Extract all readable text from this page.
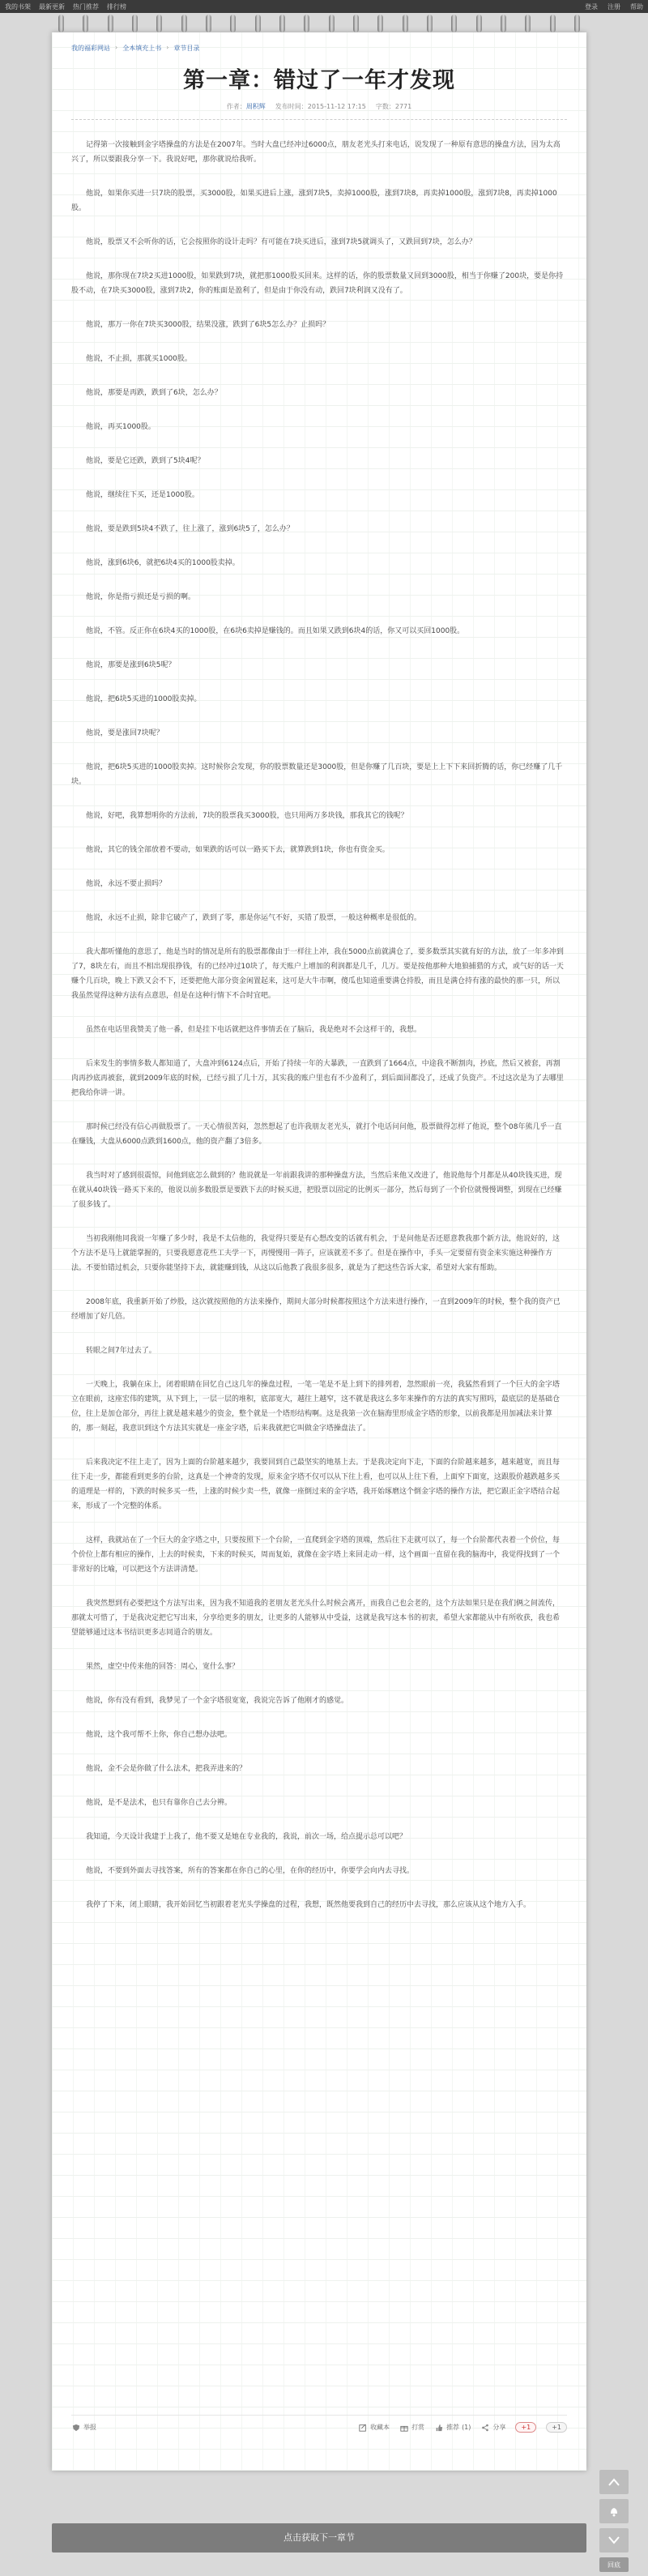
我的书架 最新更新 热门推荐 排行榜	登录 注册 帮助
我的福彩网站 › 全本填充上书 › 章节目录
第一章：错过了一年才发现
作者：周积辉 发布时间：2015-11-12 17:15 字数：2771

记得第一次接触到金字塔操盘的方法是在2007年。当时大盘已经冲过6000点，朋友老光头打来电话，说发现了一种原有意思的操盘方法，因为太高兴了，所以要跟我分享一下。我说好吧，那你就说给我听。

他说，如果你买进一只7块的股票，买3000股，如果买进后上涨，涨到7块5，卖掉1000股，涨到7块8，再卖掉1000股，涨到7块8，再卖掉1000股。

他说，股票又不会听你的话，它会按照你的设计走吗？有可能在7块买进后，涨到7块5就调头了，又跌回到7块，怎么办？

他说，那你现在7块2买进1000股，如果跌到7块，就把那1000股买回来。这样的话，你的股票数量又回到3000股，相当于你赚了200块，要是你持股不动，在7块买3000股，涨到7块2，你的账面是盈利了，但是由于你没有动，跌回7块利润又没有了。

他说，那万一你在7块买3000股，结果没涨，跌到了6块5怎么办？止损吗？

他说，不止损，那就买1000股。

他说，那要是再跌，跌到了6块，怎么办？

他说，再买1000股。

他说，要是它还跌，跌到了5块4呢？

他说，继续往下买，还是1000股。

他说，要是跌到5块4不跌了，往上涨了，涨到6块5了，怎么办？

他说，涨到6块6，就把6块4买的1000股卖掉。

他说，你是指亏损还是亏损的啊。

他说，不管。反正你在6块4买的1000股，在6块6卖掉是赚钱的。而且如果又跌到6块4的话，你又可以买回1000股。

他说，那要是涨到6块5呢？

他说，把6块5买进的1000股卖掉。

他说，要是涨回7块呢？

他说，把6块5买进的1000股卖掉。这时候你会发现，你的股票数量还是3000股，但是你赚了几百块，要是上上下下来回折腾的话，你已经赚了几千块。

他说，好吧，我算想明你的方法前，7块的股票我买3000股，也只用两万多块钱，那我其它的钱呢？

他说，其它的钱全部放着不要动，如果跌的话可以一路买下去，就算跌到1块，你也有资金买。

他说，永远不要止损吗？

他说，永远不止损，除非它破产了，跌到了零，那是你运气不好，买错了股票，一般这种概率是很低的。

我大都听懂他的意思了，他是当时的情况是所有的股票都像由于一样往上冲，我在5000点前就满仓了，要多数票其实就有好的方法，放了一年多冲到了7，8块左右，而且不相出现很挣钱，有的已经冲过10块了，每天账户上增加的利润都是几千，几万。要是按他那种大地狼捕猎的方式，或气好的话一天赚个几百块，晚上下跌又会不下，还要把他大部分资金闲置起来，这可是大牛市啊，傻瓜也知道重要满仓持股，而且是满仓持有涨的最快的那一只，所以我虽然觉得这种方法有点意思，但是在这种行情下不合时宜吧。

虽然在电话里我赞美了他一番，但是挂下电话就把这件事情丢在了脑后，我是绝对不会这样干的，我想。

后来发生的事情多数人都知道了，大盘冲到6124点后，开始了持续一年的大暴跌，一直跌到了1664点，中途我不断割肉，抄底，然后又被套，再割肉再抄底再被套，就到2009年底的时候，已经亏损了几十万，其实我的账户里也有不少盈利了，到后面回都没了，还成了负资产。不过这次是为了去哪里把我给你讲一讲。

那时候已经没有信心再做股票了。一天心情很苦闷，忽然想起了也许我朋友老光头，就打个电话问问他，股票做得怎样了他说，整个08年熊几乎一直在赚钱，大盘从6000点跌到1600点，他的资产翻了3倍多。

我当时对了感到很震惊，问他到底怎么做到的？他说就是一年前跟我讲的那种操盘方法，当然后来他又改进了，他说他每个月都是从40块钱买进，现在就从40块钱一路买下来的，他说以前多数股票是要跌下去的时候买进，把股票以固定的比例买一部分，然后每到了一个价位就慢慢调整，到现在已经赚了很多钱了。

当初我刚他同我说一年赚了多少时，我是不太信他的，我觉得只要是有心想改变的话就有机会，于是问他是否还愿意教我那个新方法，他说好的，这个方法不是马上就能掌握的，只要我愿意花些工夫学一下，再慢慢用一阵子，应该就差不多了。但是在操作中，手头一定要留有资金来实施这种操作方法。不要怕错过机会，只要你能坚持下去，就能赚到钱，从这以后他教了我很多很多，就是为了把这些告诉大家，希望对大家有帮助。

2008年底，我重新开始了炒股，这次就按照他的方法来操作，期间大部分时候都按照这个方法来进行操作，一直到2009年的时候，整个我的资产已经增加了好几倍。

转眼之间7年过去了。

一天晚上，我躺在床上，闭着眼睛在回忆自己这几年的操盘过程，一笔一笔是不是上到下的排列着，忽然眼前一亮，我猛然看到了一个巨大的金字塔立在眼前，这座宏伟的建筑，从下到上，一层一层的堆积，底部宽大，越往上越窄，这不就是我这么多年来操作的方法的真实写照吗，最底层的是基础仓位，往上是加仓部分，再往上就是越来越少的资金，整个就是一个塔形结构啊。这是我第一次在脑海里形成金字塔的形象，以前我都是用加减法来计算的，那一刻起，我意识到这个方法其实就是一座金字塔，后来我就把它叫做金字塔操盘法了。

后来我决定不往上走了，因为上面的台阶越来越少，我要回到自己最坚实的地基上去。于是我决定向下走，下面的台阶越来越多，越来越宽，而且每往下走一步，都能看到更多的台阶，这真是一个神奇的发现，原来金字塔不仅可以从下往上看，也可以从上往下看，上面窄下面宽，这跟股价越跌越多买的道理是一样的，下跌的时候多买一些，上涨的时候少卖一些，就像一座倒过来的金字塔，我开始琢磨这个倒金字塔的操作方法，把它跟正金字塔结合起来，形成了一个完整的体系。

这样，我就站在了一个巨大的金字塔之中，只要按照下一个台阶，一直爬到金字塔的顶端，然后往下走就可以了，每一个台阶都代表着一个价位，每个价位上都有相应的操作，上去的时候卖，下来的时候买，周而复始，就像在金字塔上来回走动一样，这个画面一直留在我的脑海中，我觉得找到了一个非常好的比喻，可以把这个方法讲清楚。

我突然想到有必要把这个方法写出来，因为我不知道我的老朋友老光头什么时候会离开，而我自己也会老的，这个方法如果只是在我们俩之间流传，那就太可惜了，于是我决定把它写出来，分享给更多的朋友，让更多的人能够从中受益，这就是我写这本书的初衷，希望大家都能从中有所收获，我也希望能够通过这本书结识更多志同道合的朋友。

果然，虚空中传来他的回答：周心，宽什么事？

他说，你有没有看到，我梦见了一个金字塔很宽宽，我说完告诉了他刚才的感觉。

他说，这个我可帮不上你，你自己想办法吧。

他说，金不会是你做了什么法术，把我弄进来的？

他说，是不是法术，也只有靠你自己去分辨。

我知道，今天设计我建于上我了，他不要又是她在专业我的，我说，前次一场，给点提示总可以吧？

他说，不要到外面去寻找答案，所有的答案都在你自己的心里，在你的经历中，你要学会向内去寻找。

我停了下来，闭上眼睛，我开始回忆当初跟着老光头学操盘的过程，我想，既然他要我到自己的经历中去寻找，那么应该从这个地方入手。

举报	收藏本	打赏	推荐 (1)	分享	+1	+1
点击获取下一章节
回底
